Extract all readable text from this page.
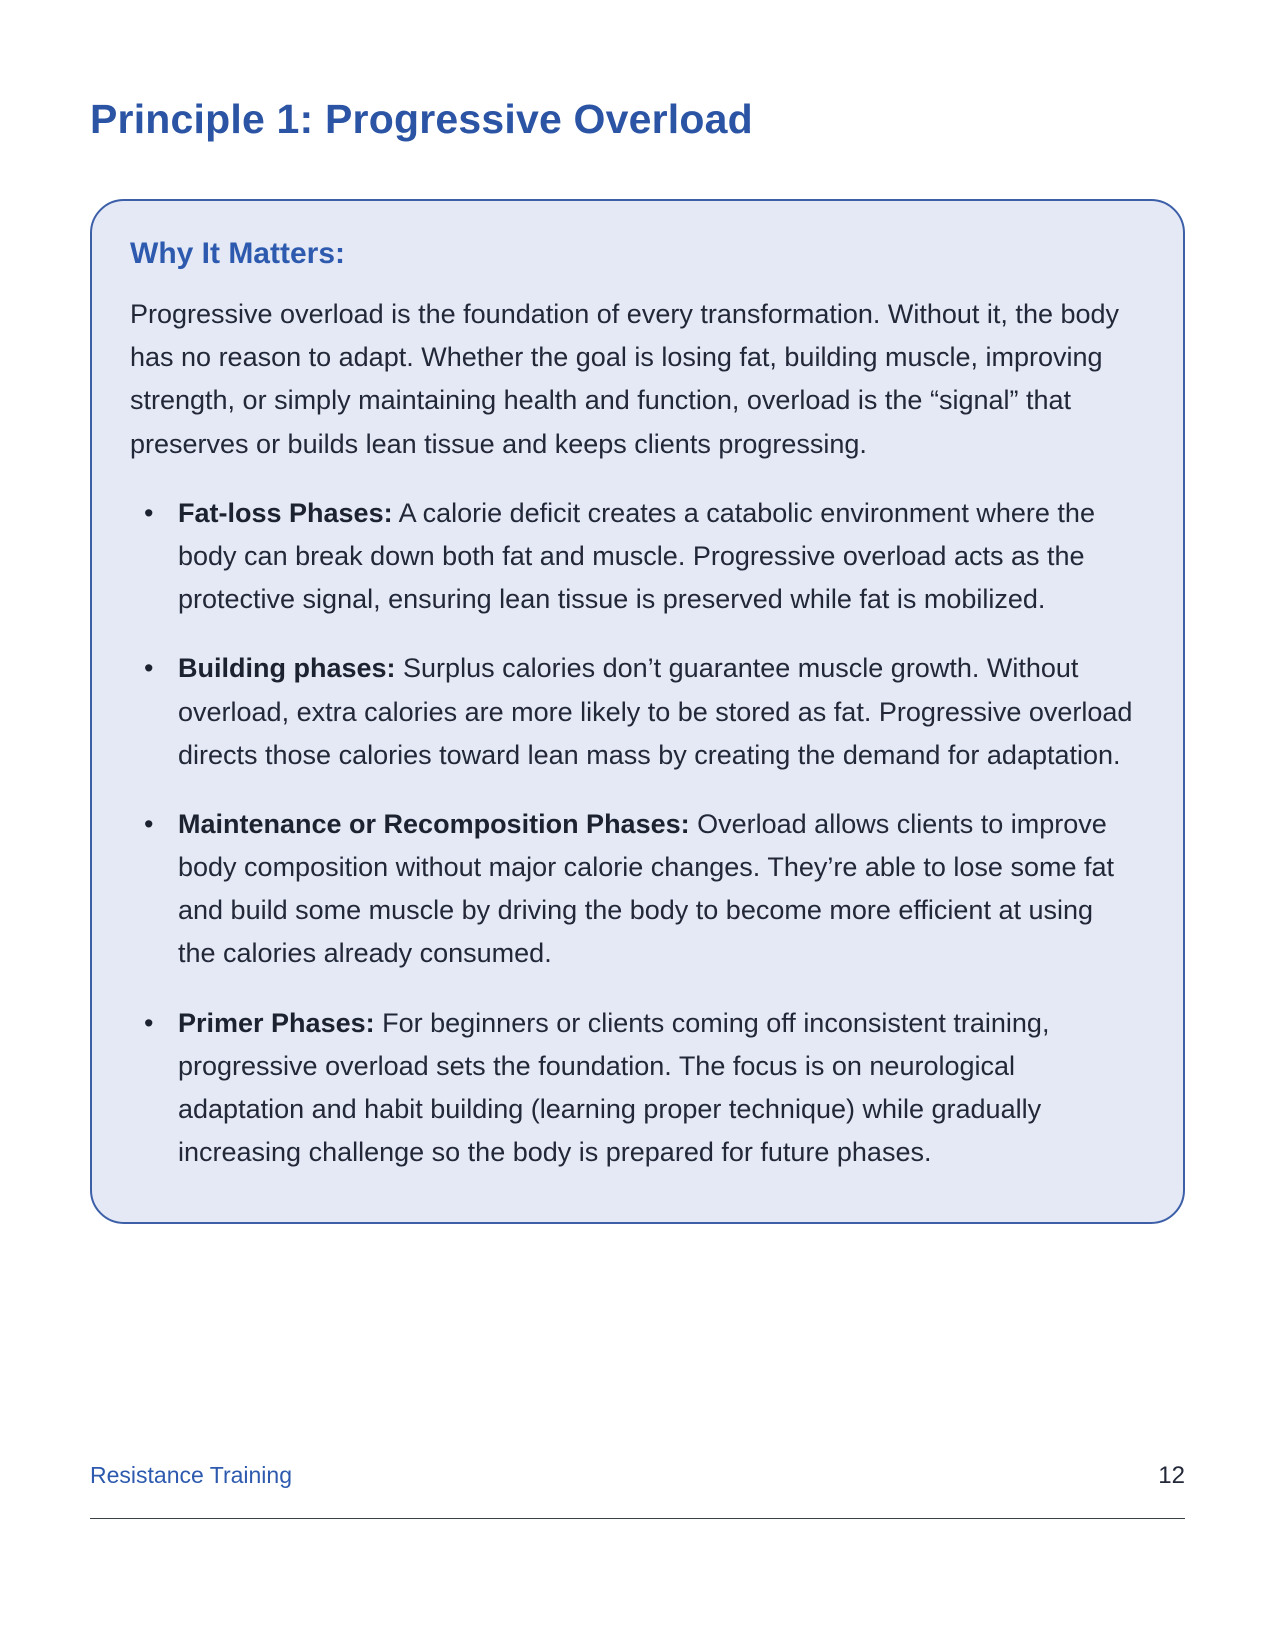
Principle 1: Progressive Overload
Why It Matters:

Progressive overload is the foundation of every transformation. Without it, the body has no reason to adapt. Whether the goal is losing fat, building muscle, improving strength, or simply maintaining health and function, overload is the “signal” that preserves or builds lean tissue and keeps clients progressing.

• Fat-loss Phases: A calorie deficit creates a catabolic environment where the body can break down both fat and muscle. Progressive overload acts as the protective signal, ensuring lean tissue is preserved while fat is mobilized.
• Building phases: Surplus calories don’t guarantee muscle growth. Without overload, extra calories are more likely to be stored as fat. Progressive overload directs those calories toward lean mass by creating the demand for adaptation.
• Maintenance or Recomposition Phases: Overload allows clients to improve body composition without major calorie changes. They’re able to lose some fat and build some muscle by driving the body to become more efficient at using the calories already consumed.
• Primer Phases: For beginners or clients coming off inconsistent training, progressive overload sets the foundation. The focus is on neurological adaptation and habit building (learning proper technique) while gradually increasing challenge so the body is prepared for future phases.
Resistance Training	12
